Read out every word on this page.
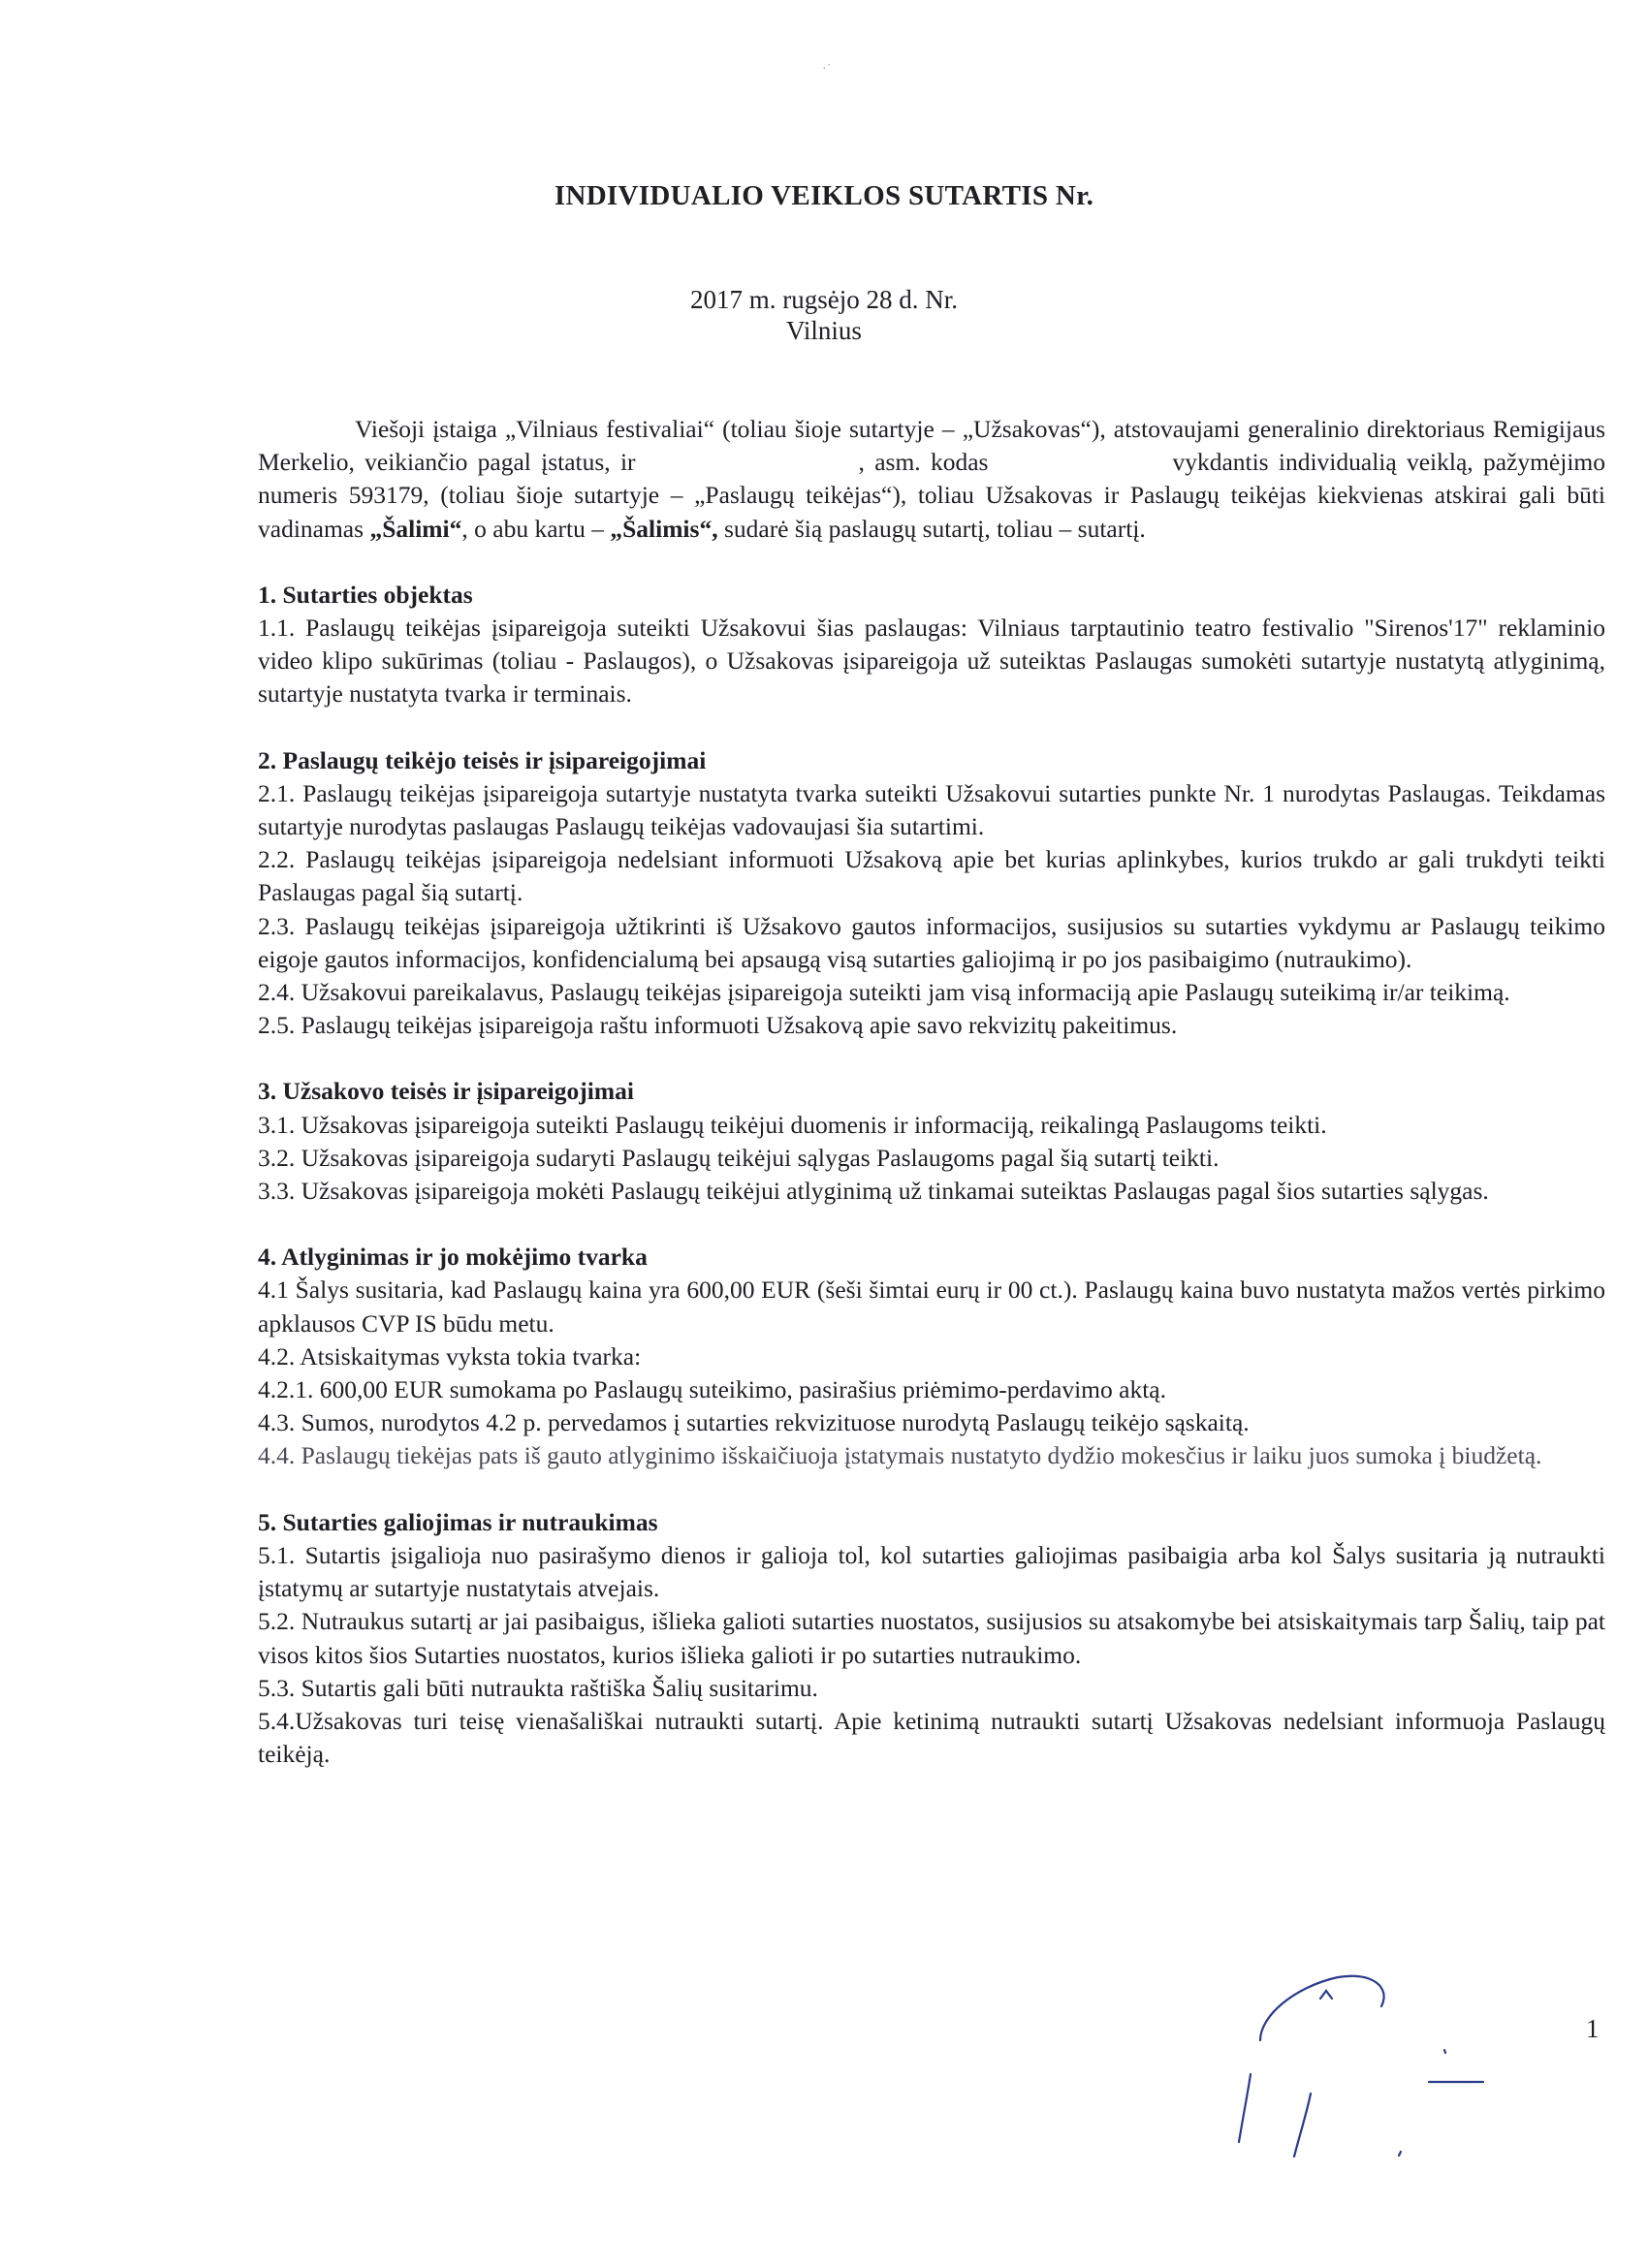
·˙
INDIVIDUALIO VEIKLOS SUTARTIS Nr.
2017 m. rugsėjo 28 d. Nr.
Vilnius

Viešoji įstaiga „Vilniaus festivaliai“ (toliau šioje sutartyje – „Užsakovas“), atstovaujami generalinio direktoriaus Remigijaus Merkelio, veikiančio pagal įstatus, ir	, asm. kodas	vykdantis individualią veiklą, pažymėjimo numeris 593179, (toliau šioje sutartyje – „Paslaugų teikėjas“), toliau Užsakovas ir Paslaugų teikėjas kiekvienas atskirai gali būti vadinamas „Šalimi“, o abu kartu – „Šalimis“, sudarė šią paslaugų sutartį, toliau – sutartį.

1. Sutarties objektas

1.1. Paslaugų teikėjas įsipareigoja suteikti Užsakovui šias paslaugas: Vilniaus tarptautinio teatro festivalio "Sirenos'17" reklaminio video klipo sukūrimas (toliau - Paslaugos), o Užsakovas įsipareigoja už suteiktas Paslaugas sumokėti sutartyje nustatytą atlyginimą, sutartyje nustatyta tvarka ir terminais.

2. Paslaugų teikėjo teisės ir įsipareigojimai

2.1. Paslaugų teikėjas įsipareigoja sutartyje nustatyta tvarka suteikti Užsakovui sutarties punkte Nr. 1 nurodytas Paslaugas. Teikdamas sutartyje nurodytas paslaugas Paslaugų teikėjas vadovaujasi šia sutartimi.

2.2. Paslaugų teikėjas įsipareigoja nedelsiant informuoti Užsakovą apie bet kurias aplinkybes, kurios trukdo ar gali trukdyti teikti Paslaugas pagal šią sutartį.

2.3. Paslaugų teikėjas įsipareigoja užtikrinti iš Užsakovo gautos informacijos, susijusios su sutarties vykdymu ar Paslaugų teikimo eigoje gautos informacijos, konfidencialumą bei apsaugą visą sutarties galiojimą ir po jos pasibaigimo (nutraukimo).

2.4. Užsakovui pareikalavus, Paslaugų teikėjas įsipareigoja suteikti jam visą informaciją apie Paslaugų suteikimą ir/ar teikimą.

2.5. Paslaugų teikėjas įsipareigoja raštu informuoti Užsakovą apie savo rekvizitų pakeitimus.

3. Užsakovo teisės ir įsipareigojimai

3.1. Užsakovas įsipareigoja suteikti Paslaugų teikėjui duomenis ir informaciją, reikalingą Paslaugoms teikti.

3.2. Užsakovas įsipareigoja sudaryti Paslaugų teikėjui sąlygas Paslaugoms pagal šią sutartį teikti.

3.3. Užsakovas įsipareigoja mokėti Paslaugų teikėjui atlyginimą už tinkamai suteiktas Paslaugas pagal šios sutarties sąlygas.

4. Atlyginimas ir jo mokėjimo tvarka

4.1 Šalys susitaria, kad Paslaugų kaina yra 600,00 EUR (šeši šimtai eurų ir 00 ct.). Paslaugų kaina buvo nustatyta mažos vertės pirkimo apklausos CVP IS būdu metu.

4.2. Atsiskaitymas vyksta tokia tvarka:

4.2.1. 600,00 EUR sumokama po Paslaugų suteikimo, pasirašius priėmimo-perdavimo aktą.

4.3. Sumos, nurodytos 4.2 p. pervedamos į sutarties rekvizituose nurodytą Paslaugų teikėjo sąskaitą.

4.4. Paslaugų tiekėjas pats iš gauto atlyginimo išskaičiuoja įstatymais nustatyto dydžio mokesčius ir laiku juos sumoka į biudžetą.

5. Sutarties galiojimas ir nutraukimas

5.1. Sutartis įsigalioja nuo pasirašymo dienos ir galioja tol, kol sutarties galiojimas pasibaigia arba kol Šalys susitaria ją nutraukti įstatymų ar sutartyje nustatytais atvejais.

5.2. Nutraukus sutartį ar jai pasibaigus, išlieka galioti sutarties nuostatos, susijusios su atsakomybe bei atsiskaitymais tarp Šalių, taip pat visos kitos šios Sutarties nuostatos, kurios išlieka galioti ir po sutarties nutraukimo.

5.3. Sutartis gali būti nutraukta raštiška Šalių susitarimu.

5.4.Užsakovas turi teisę vienašališkai nutraukti sutartį. Apie ketinimą nutraukti sutartį Užsakovas nedelsiant informuoja Paslaugų teikėją.

1
